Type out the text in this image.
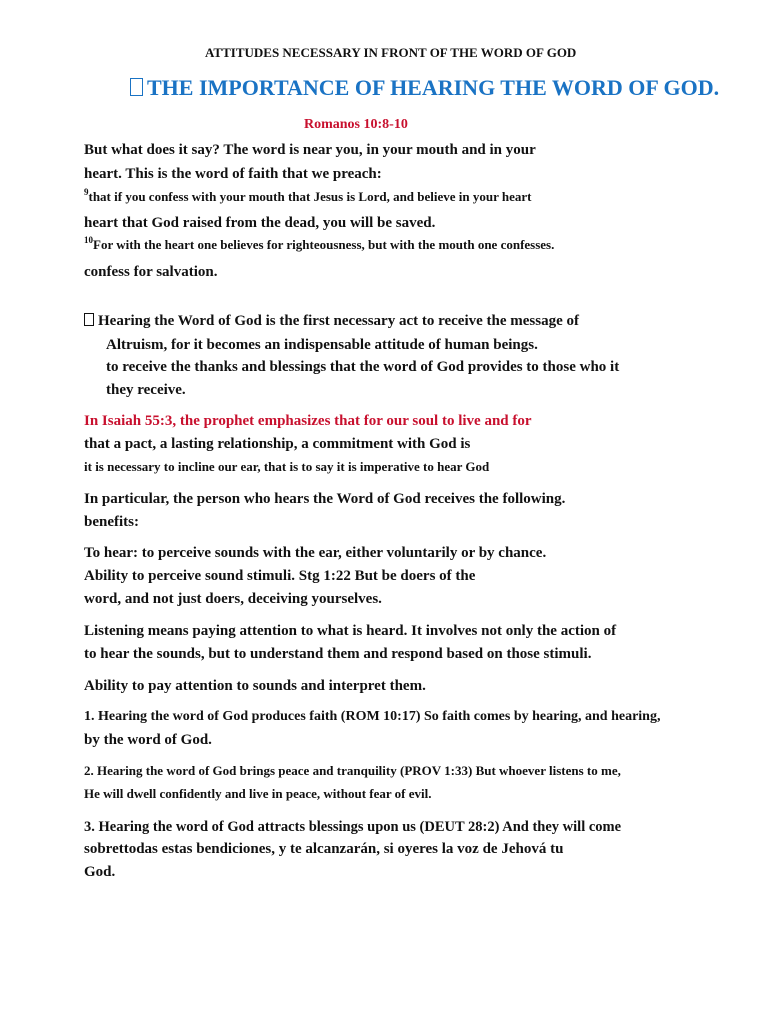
ATTITUDES NECESSARY IN FRONT OF THE WORD OF GOD
THE IMPORTANCE OF HEARING THE WORD OF GOD.
Romanos 10:8-10
But what does it say? The word is near you, in your mouth and in your
heart. This is the word of faith that we preach:
$^9$that if you confess with your mouth that Jesus is Lord, and believe in your heart
heart that God raised from the dead, you will be saved.
$^{10}$For with the heart one believes for righteousness, but with the mouth one confesses.
confess for salvation.
Hearing the Word of God is the first necessary act to receive the message of
Altruism, for it becomes an indispensable attitude of human beings.
to receive the thanks and blessings that the word of God provides to those who it
they receive.
In Isaiah 55:3, the prophet emphasizes that for our soul to live and for
that a pact, a lasting relationship, a commitment with God is
it is necessary to incline our ear, that is to say it is imperative to hear God
In particular, the person who hears the Word of God receives the following.
benefits:
To hear: to perceive sounds with the ear, either voluntarily or by chance.
Ability to perceive sound stimuli. Stg 1:22 But be doers of the
word, and not just doers, deceiving yourselves.
Listening means paying attention to what is heard. It involves not only the action of
to hear the sounds, but to understand them and respond based on those stimuli.
Ability to pay attention to sounds and interpret them.
1. Hearing the word of God produces faith (ROM 10:17) So faith comes by hearing, and hearing,
by the word of God.
2. Hearing the word of God brings peace and tranquility (PROV 1:33) But whoever listens to me,
He will dwell confidently and live in peace, without fear of evil.
3. Hearing the word of God attracts blessings upon us (DEUT 28:2) And they will come
sobrettodas estas bendiciones, y te alcanzarán, si oyeres la voz de Jehová tu
God.
